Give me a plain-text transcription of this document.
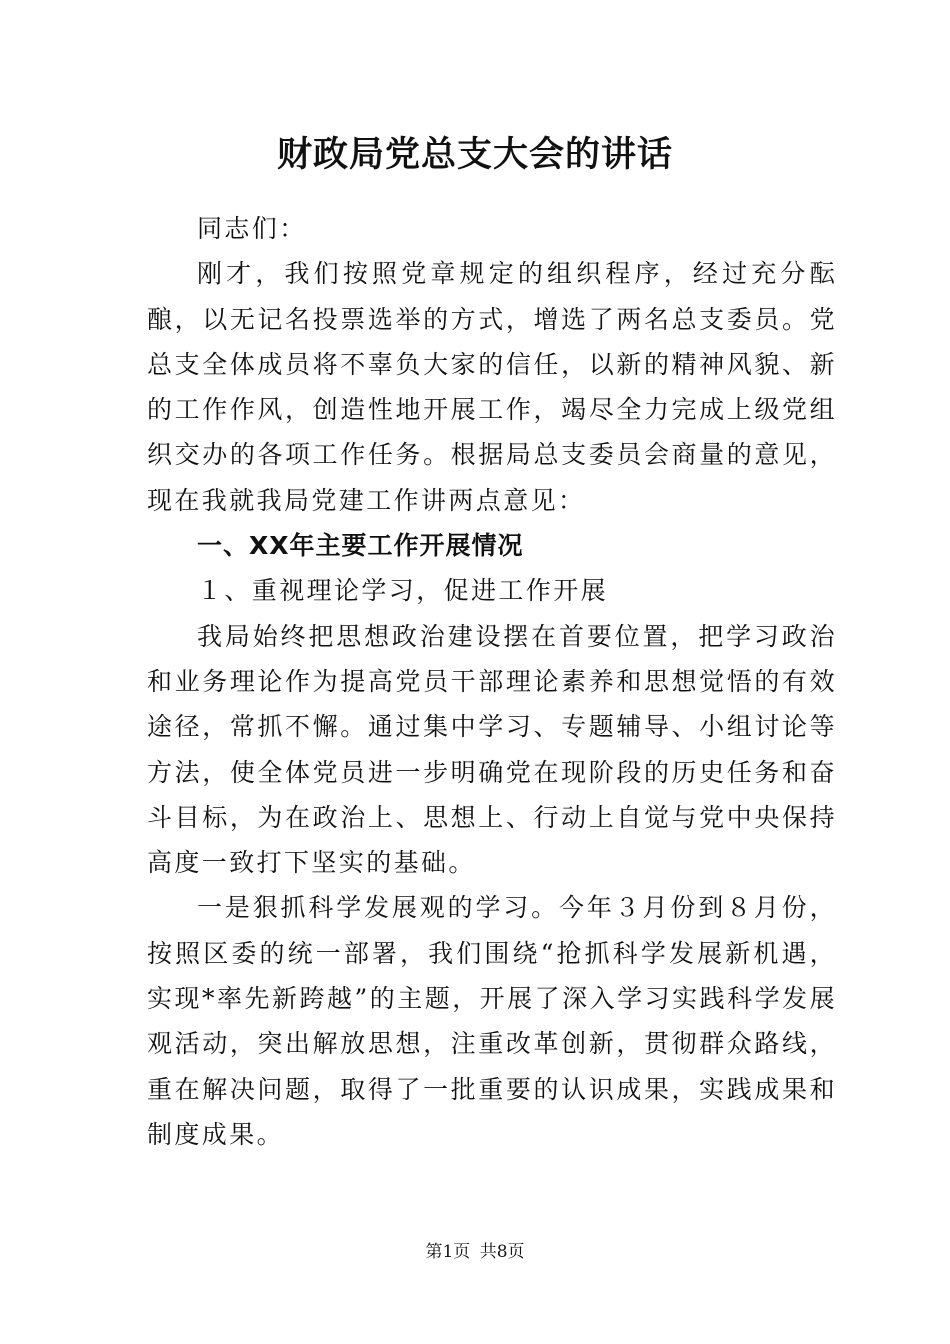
财政局党总支大会的讲话

同志们：

刚才，我们按照党章规定的组织程序，经过充分酝酿，以无记名投票选举的方式，增选了两名总支委员。党总支全体成员将不辜负大家的信任，以新的精神风貌、新的工作作风，创造性地开展工作，竭尽全力完成上级党组织交办的各项工作任务。根据局总支委员会商量的意见，现在我就我局党建工作讲两点意见：

一、XX年主要工作开展情况

１、重视理论学习，促进工作开展

我局始终把思想政治建设摆在首要位置，把学习政治和业务理论作为提高党员干部理论素养和思想觉悟的有效途径，常抓不懈。通过集中学习、专题辅导、小组讨论等方法，使全体党员进一步明确党在现阶段的历史任务和奋斗目标，为在政治上、思想上、行动上自觉与党中央保持高度一致打下坚实的基础。

一是狠抓科学发展观的学习。今年３月份到８月份，按照区委的统一部署，我们围绕“抢抓科学发展新机遇，实现*率先新跨越”的主题，开展了深入学习实践科学发展观活动，突出解放思想，注重改革创新，贯彻群众路线，重在解决问题，取得了一批重要的认识成果，实践成果和制度成果。

第1页 共8页
